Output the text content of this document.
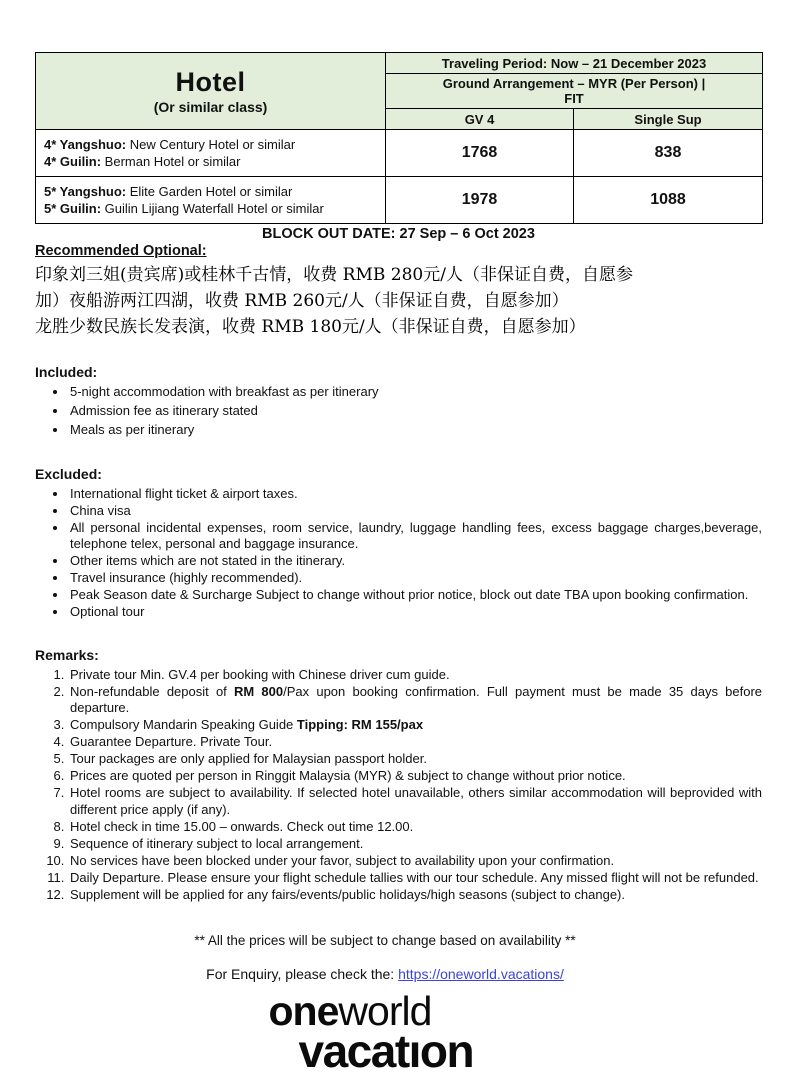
Hotel
(Or similar class)	Traveling Period: Now – 21 December 2023	

	Ground Arrangement – MYR (Per Person) |
FIT	

	GV 4	Single Sup

4* Yangshuo: New Century Hotel or similar
4* Guilin: Berman Hotel or similar	1768	838

5* Yangshuo: Elite Garden Hotel or similar
5* Guilin: Guilin Lijiang Waterfall Hotel or similar	1978	1088
BLOCK OUT DATE: 27 Sep – 6 Oct 2023
Recommended Optional:
印象刘三姐(贵宾席)或桂林千古情，收费 RMB 280元/人（非保证自费，自愿参
加）夜船游两江四湖，收费 RMB 260元/人（非保证自费，自愿参加）
龙胜少数民族长发表演，收费 RMB 180元/人（非保证自费，自愿参加）
Included:
• 5-night accommodation with breakfast as per itinerary
• Admission fee as itinerary stated
• Meals as per itinerary
Excluded:
• International flight ticket & airport taxes.
• China visa
• All personal incidental expenses, room service, laundry, luggage handling fees, excess baggage charges,beverage, telephone telex, personal and baggage insurance.
• Other items which are not stated in the itinerary.
• Travel insurance (highly recommended).
• Peak Season date & Surcharge Subject to change without prior notice, block out date TBA upon booking confirmation.
• Optional tour
Remarks:
1. Private tour Min. GV.4 per booking with Chinese driver cum guide.
2. Non-refundable deposit of RM 800/Pax upon booking confirmation. Full payment must be made 35 days before departure.
3. Compulsory Mandarin Speaking Guide Tipping: RM 155/pax
4. Guarantee Departure. Private Tour.
5. Tour packages are only applied for Malaysian passport holder.
6. Prices are quoted per person in Ringgit Malaysia (MYR) & subject to change without prior notice.
7. Hotel rooms are subject to availability. If selected hotel unavailable, others similar accommodation will beprovided with different price apply (if any).
8. Hotel check in time 15.00 – onwards. Check out time 12.00.
9. Sequence of itinerary subject to local arrangement.
10. No services have been blocked under your favor, subject to availability upon your confirmation.
11. Daily Departure. Please ensure your flight schedule tallies with our tour schedule. Any missed flight will not be refunded.
12. Supplement will be applied for any fairs/events/public holidays/high seasons (subject to change).
** All the prices will be subject to change based on availability **
For Enquiry, please check the: https://oneworld.vacations/
oneworld
vacatıon
